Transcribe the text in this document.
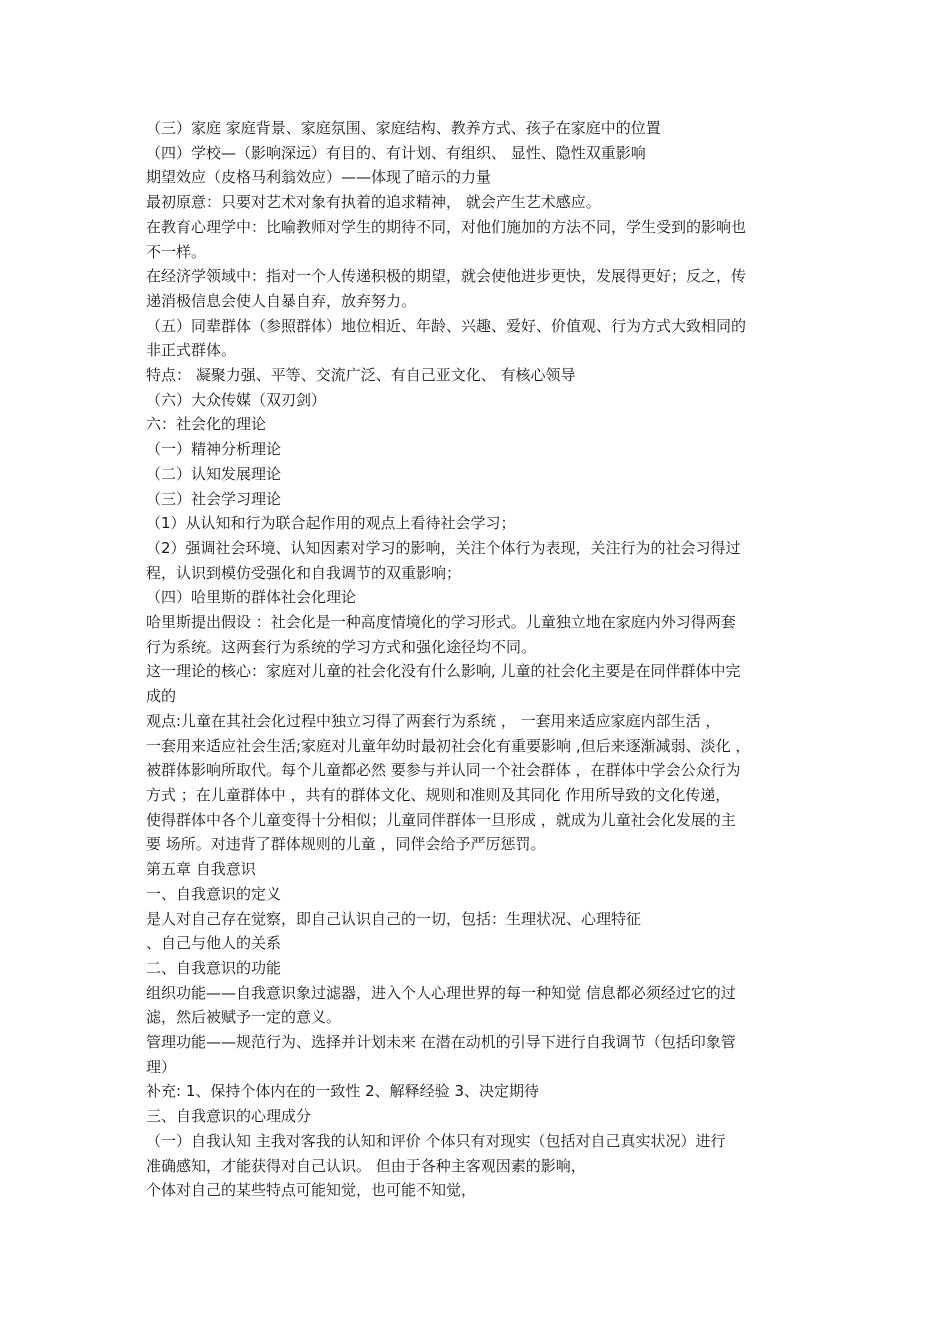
（三）家庭 家庭背景、家庭氛围、家庭结构、教养方式、孩子在家庭中的位置
（四）学校—（影响深远）有目的、有计划、有组织、 显性、隐性双重影响
期望效应（皮格马利翁效应）——体现了暗示的力量
最初原意：只要对艺术对象有执着的追求精神， 就会产生艺术感应。
在教育心理学中：比喻教师对学生的期待不同，对他们施加的方法不同，学生受到的影响也
不一样。
在经济学领域中：指对一个人传递积极的期望，就会使他进步更快，发展得更好；反之，传
递消极信息会使人自暴自弃，放弃努力。
（五）同辈群体（参照群体）地位相近、年龄、兴趣、爱好、价值观、行为方式大致相同的
非正式群体。
特点： 凝聚力强、平等、交流广泛、有自己亚文化、 有核心领导
（六）大众传媒（双刃剑）
六：社会化的理论
（一）精神分析理论
（二）认知发展理论
（三）社会学习理论
（1）从认知和行为联合起作用的观点上看待社会学习；
（2）强调社会环境、认知因素对学习的影响，关注个体行为表现，关注行为的社会习得过
程，认识到模仿受强化和自我调节的双重影响；
（四）哈里斯的群体社会化理论
哈里斯提出假设 ：社会化是一种高度情境化的学习形式。儿童独立地在家庭内外习得两套
行为系统。这两套行为系统的学习方式和强化途径均不同。
这一理论的核心：家庭对儿童的社会化没有什么影响, 儿童的社会化主要是在同伴群体中完
成的
观点:儿童在其社会化过程中独立习得了两套行为系统 ， 一套用来适应家庭内部生活 ，
一套用来适应社会生活;家庭对儿童年幼时最初社会化有重要影响 ,但后来逐渐减弱、淡化 ，
被群体影响所取代。每个儿童都必然 要参与并认同一个社会群体 ，在群体中学会公众行为
方式 ；在儿童群体中 ，共有的群体文化、规则和准则及其同化 作用所导致的文化传递，
使得群体中各个儿童变得十分相似；儿童同伴群体一旦形成 ，就成为儿童社会化发展的主
要 场所。对违背了群体规则的儿童 ，同伴会给予严厉惩罚。
第五章 自我意识
一、自我意识的定义
是人对自己存在觉察，即自己认识自己的一切，包括：生理状况、心理特征
、自己与他人的关系
二、自我意识的功能
组织功能——自我意识象过滤器，进入个人心理世界的每一种知觉 信息都必须经过它的过
滤，然后被赋予一定的意义。
管理功能——规范行为、选择并计划未来 在潜在动机的引导下进行自我调节（包括印象管
理）
补充: 1、保持个体内在的一致性 2、解释经验 3、决定期待
三、自我意识的心理成分
（一）自我认知 主我对客我的认知和评价 个体只有对现实（包括对自己真实状况）进行
准确感知，才能获得对自己认识。 但由于各种主客观因素的影响，
个体对自己的某些特点可能知觉，也可能不知觉，
